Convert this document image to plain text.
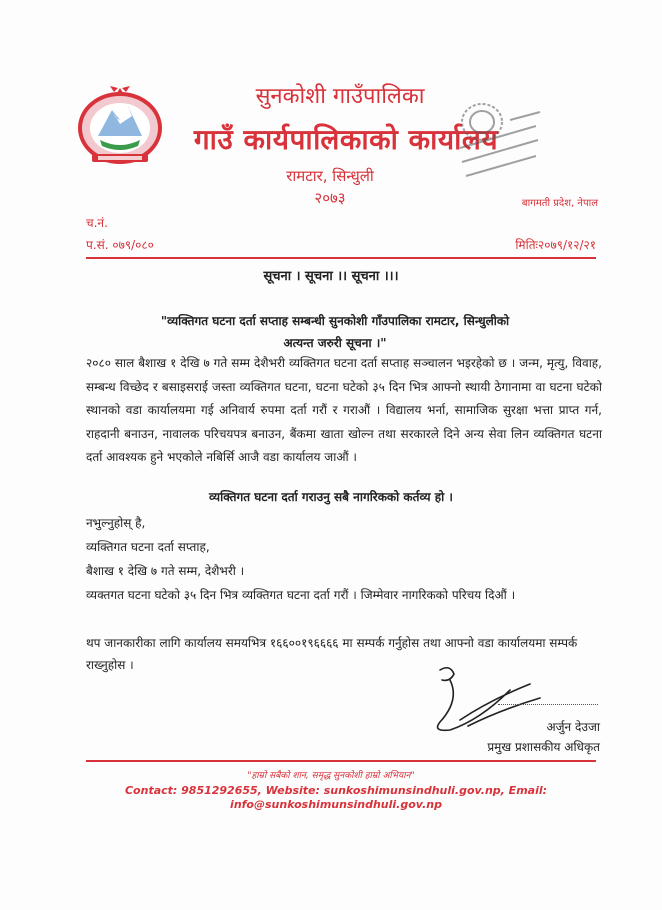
सुनकोशी गाउँपालिका
गाउँ कार्यपालिकाको कार्यालय
रामटार, सिन्धुली
२०७३	बागमती प्रदेश, नेपाल
च.नं.
प.सं. ०७९/०८०	मितिः२०७९/१२/२१
सूचना । सूचना ।। सूचना ।।।
"व्यक्तिगत घटना दर्ता सप्ताह सम्बन्धी सुनकोशी गाँउपालिका रामटार, सिन्धुलीको
अत्यन्त जरुरी सूचना ।"
२०८० साल बैशाख १ देखि ७ गते सम्म देशैभरी व्यक्तिगत घटना दर्ता सप्ताह सञ्चालन भइरहेको छ । जन्म, मृत्यु, विवाह, सम्बन्ध विच्छेद र बसाइसराई जस्ता व्यक्तिगत घटना, घटना घटेको ३५ दिन भित्र आफ्नो स्थायी ठेगानामा वा घटना घटेको स्थानको वडा कार्यालयमा गई अनिवार्य रुपमा दर्ता गरौं र गराऔं । विद्यालय भर्ना, सामाजिक सुरक्षा भत्ता प्राप्त गर्न, राहदानी बनाउन, नावालक परिचयपत्र बनाउन, बैंकमा खाता खोल्न तथा सरकारले दिने अन्य सेवा लिन व्यक्तिगत घटना दर्ता आवश्यक हुने भएकोले नबिर्सि आजै वडा कार्यालय जाऔं ।
व्यक्तिगत घटना दर्ता गराउनु सबै नागरिकको कर्तव्य हो ।
नभुल्नुहोस् है,
व्यक्तिगत घटना दर्ता सप्ताह,
बैशाख १ देखि ७ गते सम्म, देशैभरी ।
व्यक्तगत घटना घटेको ३५ दिन भित्र व्यक्तिगत घटना दर्ता गरौं । जिम्मेवार नागरिकको परिचय दिऔं ।
थप जानकारीका लागि कार्यालय समयभित्र १६६००१९६६६६ मा सम्पर्क गर्नुहोस तथा आफ्नो वडा कार्यालयमा सम्पर्क राख्नुहोस ।
अर्जुन देउजा
प्रमुख प्रशासकीय अधिकृत
"हाम्रो सबैको शान, समृद्ध सुनकोशी हाम्रो अभियान"
Contact: 9851292655, Website: sunkoshimunsindhuli.gov.np, Email:
info@sunkoshimunsindhuli.gov.np
